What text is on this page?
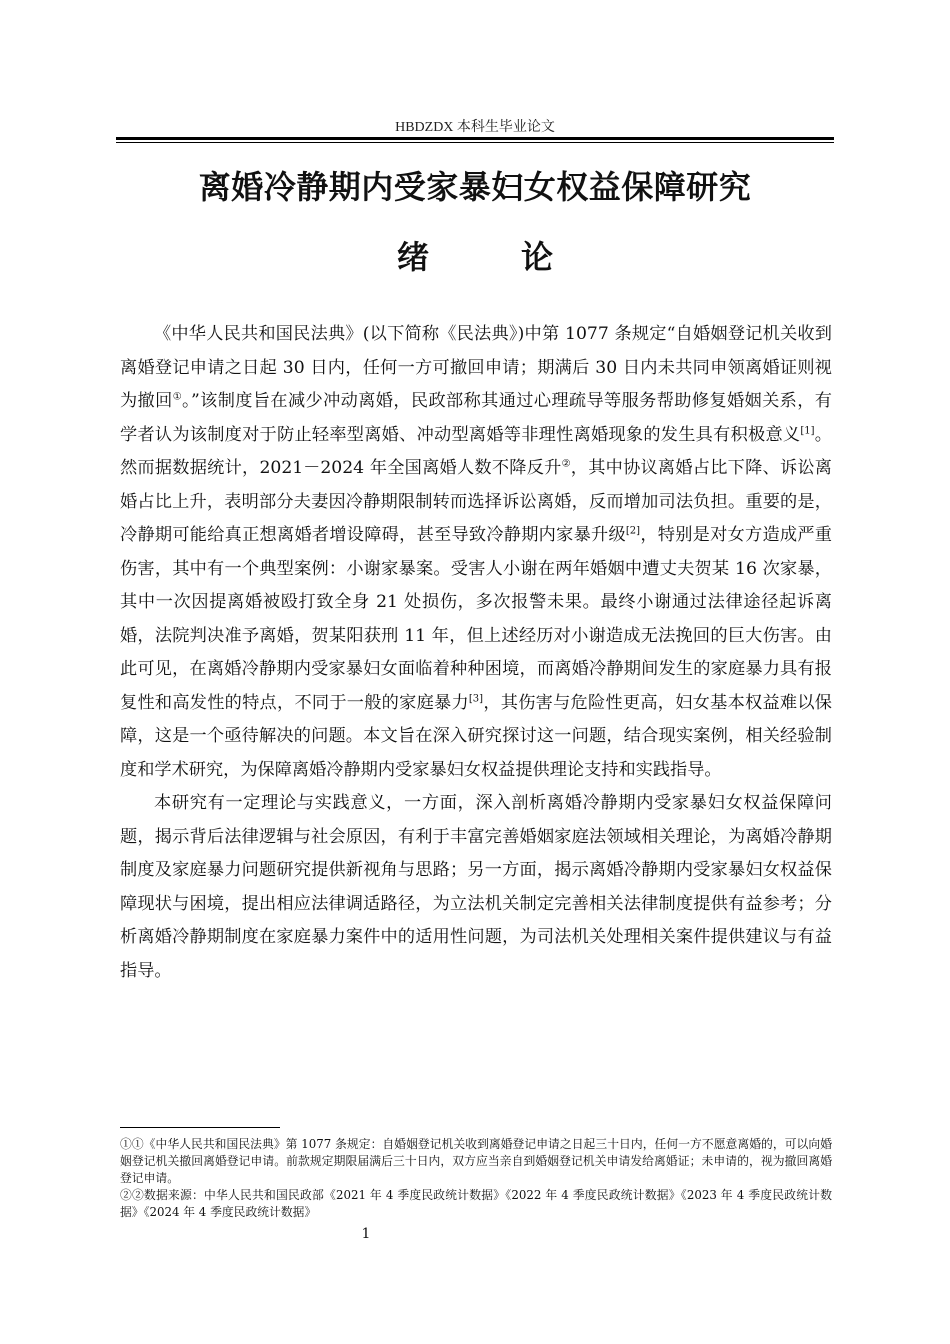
HBDZDX 本科生毕业论文
离婚冷静期内受家暴妇女权益保障研究
绪　论

《中华人民共和国民法典》(以下简称《民法典》)中第 1077 条规定“自婚姻登记机关收到离婚登记申请之日起 30 日内，任何一方可撤回申请；期满后 30 日内未共同申领离婚证则视为撤回①。”该制度旨在减少冲动离婚，民政部称其通过心理疏导等服务帮助修复婚姻关系，有学者认为该制度对于防止轻率型离婚、冲动型离婚等非理性离婚现象的发生具有积极意义[1]。然而据数据统计，2021－2024 年全国离婚人数不降反升②，其中协议离婚占比下降、诉讼离婚占比上升，表明部分夫妻因冷静期限制转而选择诉讼离婚，反而增加司法负担。重要的是，冷静期可能给真正想离婚者增设障碍，甚至导致冷静期内家暴升级[2]，特别是对女方造成严重伤害，其中有一个典型案例：小谢家暴案。受害人小谢在两年婚姻中遭丈夫贺某 16 次家暴，其中一次因提离婚被殴打致全身 21 处损伤，多次报警未果。最终小谢通过法律途径起诉离婚，法院判决准予离婚，贺某阳获刑 11 年，但上述经历对小谢造成无法挽回的巨大伤害。由此可见，在离婚冷静期内受家暴妇女面临着种种困境，而离婚冷静期间发生的家庭暴力具有报复性和高发性的特点，不同于一般的家庭暴力[3]，其伤害与危险性更高，妇女基本权益难以保障，这是一个亟待解决的问题。本文旨在深入研究探讨这一问题，结合现实案例，相关经验制度和学术研究，为保障离婚冷静期内受家暴妇女权益提供理论支持和实践指导。

本研究有一定理论与实践意义，一方面，深入剖析离婚冷静期内受家暴妇女权益保障问题，揭示背后法律逻辑与社会原因，有利于丰富完善婚姻家庭法领域相关理论，为离婚冷静期制度及家庭暴力问题研究提供新视角与思路；另一方面，揭示离婚冷静期内受家暴妇女权益保障现状与困境，提出相应法律调适路径，为立法机关制定完善相关法律制度提供有益参考；分析离婚冷静期制度在家庭暴力案件中的适用性问题，为司法机关处理相关案件提供建议与有益指导。

①①《中华人民共和国民法典》第 1077 条规定：自婚姻登记机关收到离婚登记申请之日起三十日内，任何一方不愿意离婚的，可以向婚姻登记机关撤回离婚登记申请。前款规定期限届满后三十日内，双方应当亲自到婚姻登记机关申请发给离婚证；未申请的，视为撤回离婚登记申请。

②②数据来源：中华人民共和国民政部《2021 年 4 季度民政统计数据》《2022 年 4 季度民政统计数据》《2023 年 4 季度民政统计数据》《2024 年 4 季度民政统计数据》

1
